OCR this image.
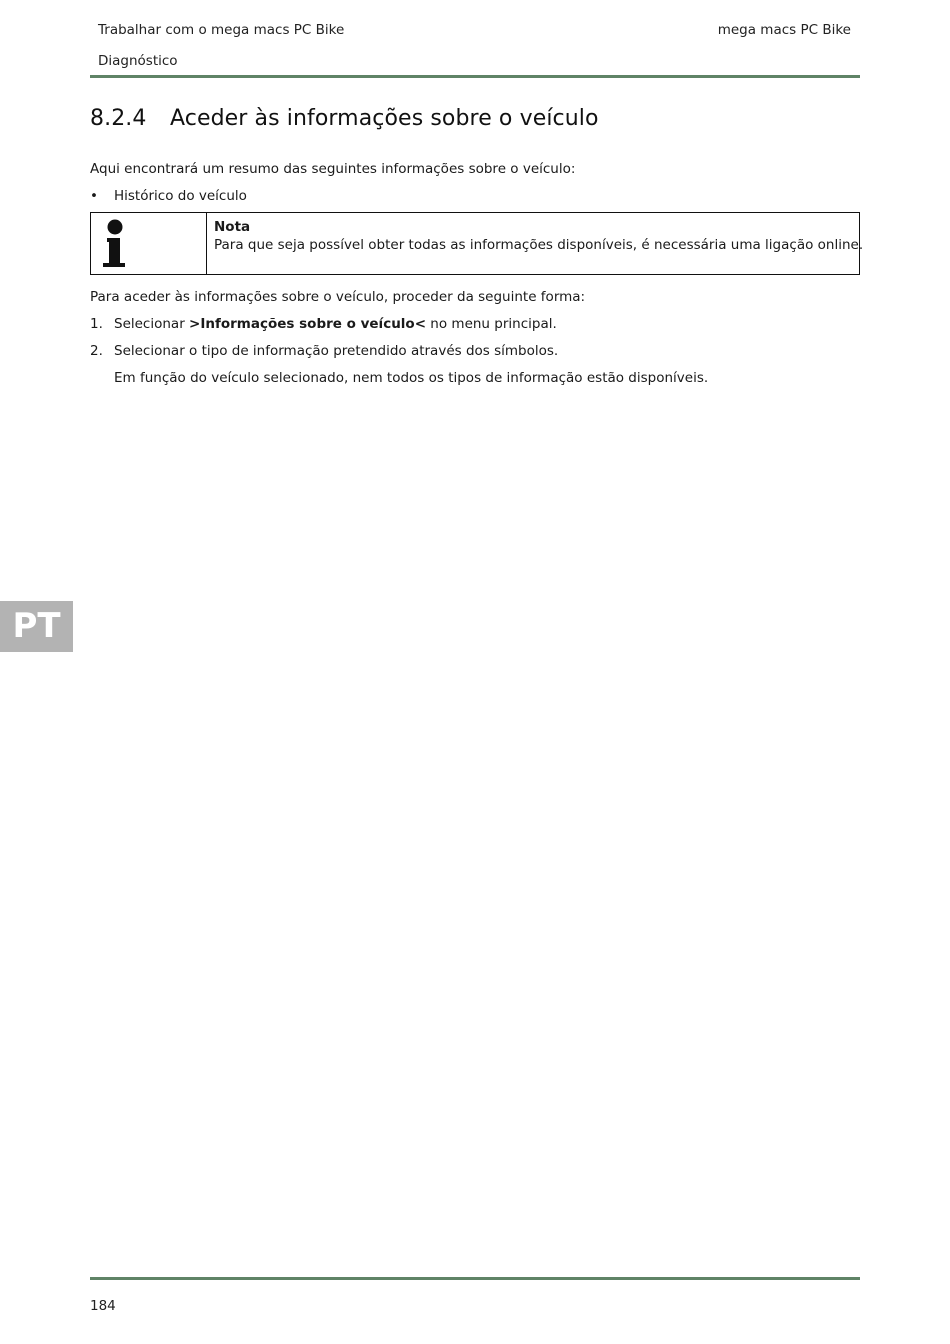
Trabalhar com o mega macs PC Bike	mega macs PC Bike
Diagnóstico
8.2.4 Aceder às informações sobre o veículo
Aqui encontrará um resumo das seguintes informações sobre o veículo:
• Histórico do veículo
Nota
Para que seja possível obter todas as informações disponíveis, é necessária uma ligação online.
Para aceder às informações sobre o veículo, proceder da seguinte forma:
1. Selecionar >Informações sobre o veículo< no menu principal.
2. Selecionar o tipo de informação pretendido através dos símbolos.
Em função do veículo selecionado, nem todos os tipos de informação estão disponíveis.
PT
184
